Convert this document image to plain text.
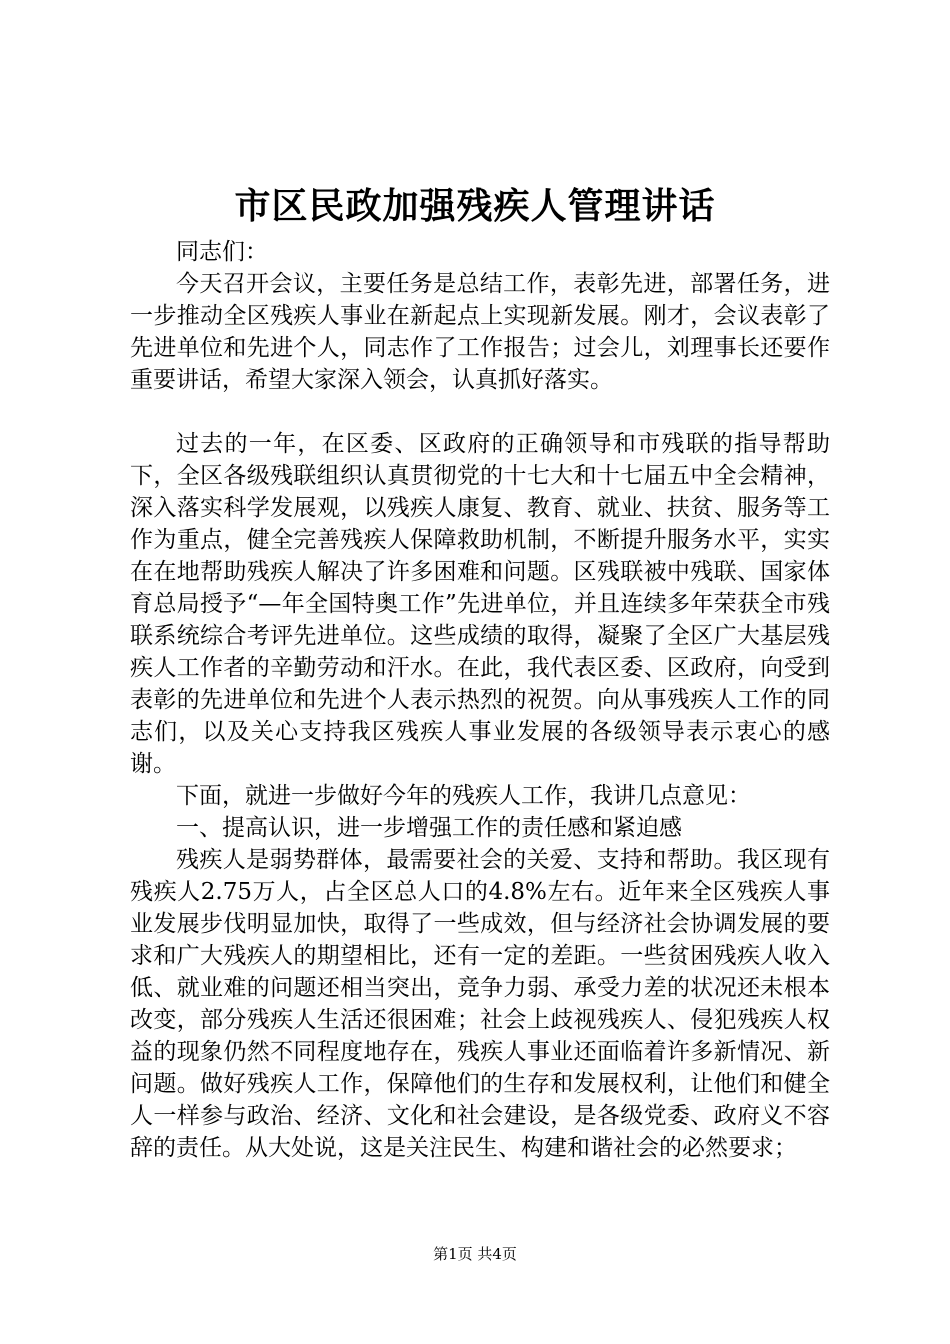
市区民政加强残疾人管理讲话

同志们：

今天召开会议，主要任务是总结工作，表彰先进，部署任务，进一步推动全区残疾人事业在新起点上实现新发展。刚才，会议表彰了先进单位和先进个人，同志作了工作报告；过会儿，刘理事长还要作重要讲话，希望大家深入领会，认真抓好落实。

过去的一年，在区委、区政府的正确领导和市残联的指导帮助下，全区各级残联组织认真贯彻党的十七大和十七届五中全会精神，深入落实科学发展观，以残疾人康复、教育、就业、扶贫、服务等工作为重点，健全完善残疾人保障救助机制，不断提升服务水平，实实在在地帮助残疾人解决了许多困难和问题。区残联被中残联、国家体育总局授予“—年全国特奥工作”先进单位，并且连续多年荣获全市残联系统综合考评先进单位。这些成绩的取得，凝聚了全区广大基层残疾人工作者的辛勤劳动和汗水。在此，我代表区委、区政府，向受到表彰的先进单位和先进个人表示热烈的祝贺。向从事残疾人工作的同志们，以及关心支持我区残疾人事业发展的各级领导表示衷心的感谢。

下面，就进一步做好今年的残疾人工作，我讲几点意见：

一、提高认识，进一步增强工作的责任感和紧迫感

残疾人是弱势群体，最需要社会的关爱、支持和帮助。我区现有残疾人2.75万人，占全区总人口的4.8%左右。近年来全区残疾人事业发展步伐明显加快，取得了一些成效，但与经济社会协调发展的要求和广大残疾人的期望相比，还有一定的差距。一些贫困残疾人收入低、就业难的问题还相当突出，竞争力弱、承受力差的状况还未根本改变，部分残疾人生活还很困难；社会上歧视残疾人、侵犯残疾人权益的现象仍然不同程度地存在，残疾人事业还面临着许多新情况、新问题。做好残疾人工作，保障他们的生存和发展权利，让他们和健全人一样参与政治、经济、文化和社会建设，是各级党委、政府义不容辞的责任。从大处说，这是关注民生、构建和谐社会的必然要求；

第1页 共4页
